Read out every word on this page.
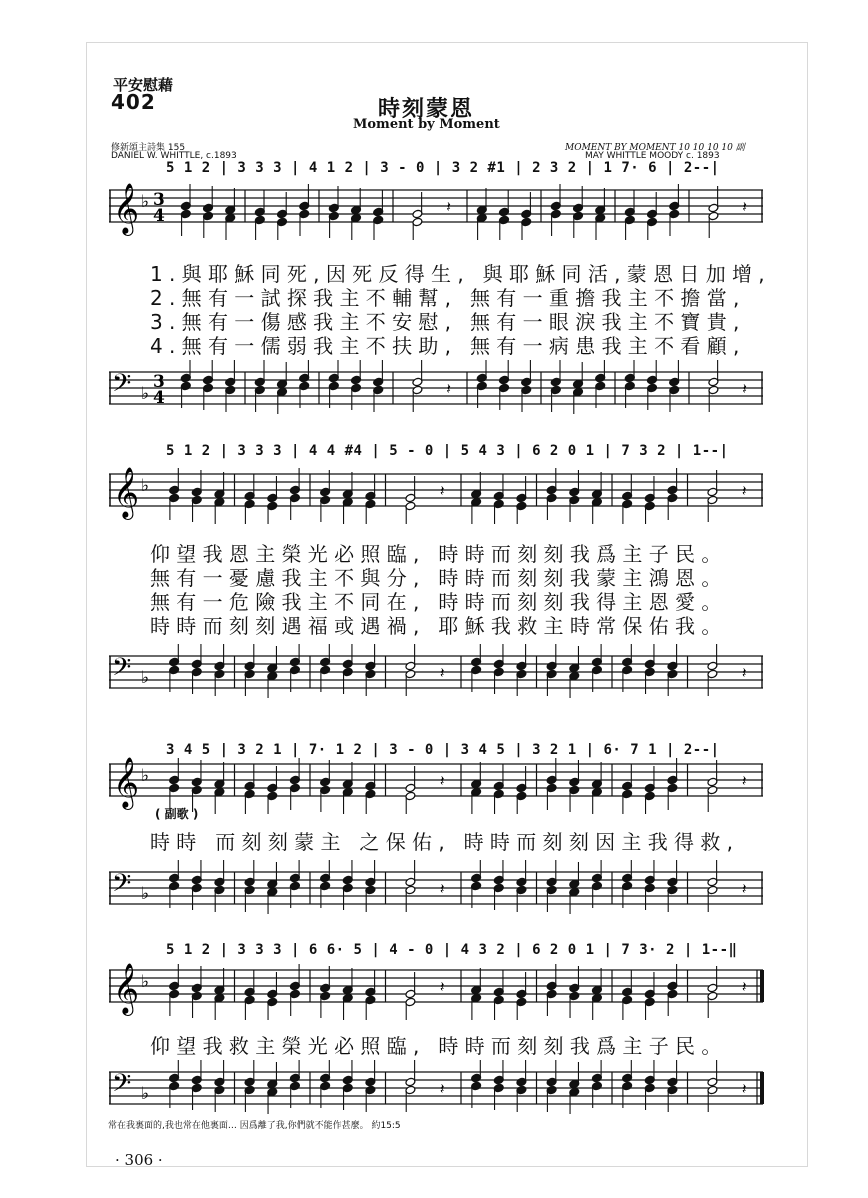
平安慰藉
402	時刻蒙恩
Moment by Moment
修新頌主詩集 155
DANIEL W. WHITTLE, c.1893
MOMENT BY MOMENT 10 10 10 10 副
MAY WHITTLE MOODY c. 1893
5 1 2 | 3 3 3 | 4 1 2 | 3 - 0 | 3 2 #1 | 2 3 2 | 1 7· 6 | 2--|
𝄞 ♭ 3
4	𝄽	𝄽
1.與耶穌同死,因死反得生, 與耶穌同活,蒙恩日加增,
2.無有一試探我主不輔幫, 無有一重擔我主不擔當,
3.無有一傷感我主不安慰, 無有一眼淚我主不寶貴,
4.無有一儒弱我主不扶助, 無有一病患我主不看顧,
𝄢 ♭
3
4	𝄽	𝄽
5 1 2 | 3 3 3 | 4 4 #4 | 5 - 0 | 5 4 3 | 6 2 0 1 | 7 3 2 | 1--|
𝄞 ♭	𝄽	𝄽
仰望我恩主榮光必照臨, 時時而刻刻我爲主子民。
無有一憂慮我主不與分, 時時而刻刻我蒙主鴻恩。
無有一危險我主不同在, 時時而刻刻我得主恩愛。
時時而刻刻遇福或遇禍, 耶穌我救主時常保佑我。
𝄢 ♭	𝄽	𝄽
3 4 5 | 3 2 1 | 7· 1 2 | 3 - 0 | 3 4 5 | 3 2 1 | 6· 7 1 | 2--|
( 副歌 )
𝄞 ♭	𝄽	𝄽
時時 而刻刻蒙主 之保佑, 時時而刻刻因主我得救,
𝄢 ♭	𝄽	𝄽
5 1 2 | 3 3 3 | 6 6· 5 | 4 - 0 | 4 3 2 | 6 2 0 1 | 7 3· 2 | 1--‖
𝄞 ♭	𝄽	𝄽
仰望我救主榮光必照臨, 時時而刻刻我爲主子民。
𝄢 ♭	𝄽	𝄽
常在我裏面的,我也常在他裏面… 因爲離了我,你們就不能作甚麼。 約15:5
· 306 ·
